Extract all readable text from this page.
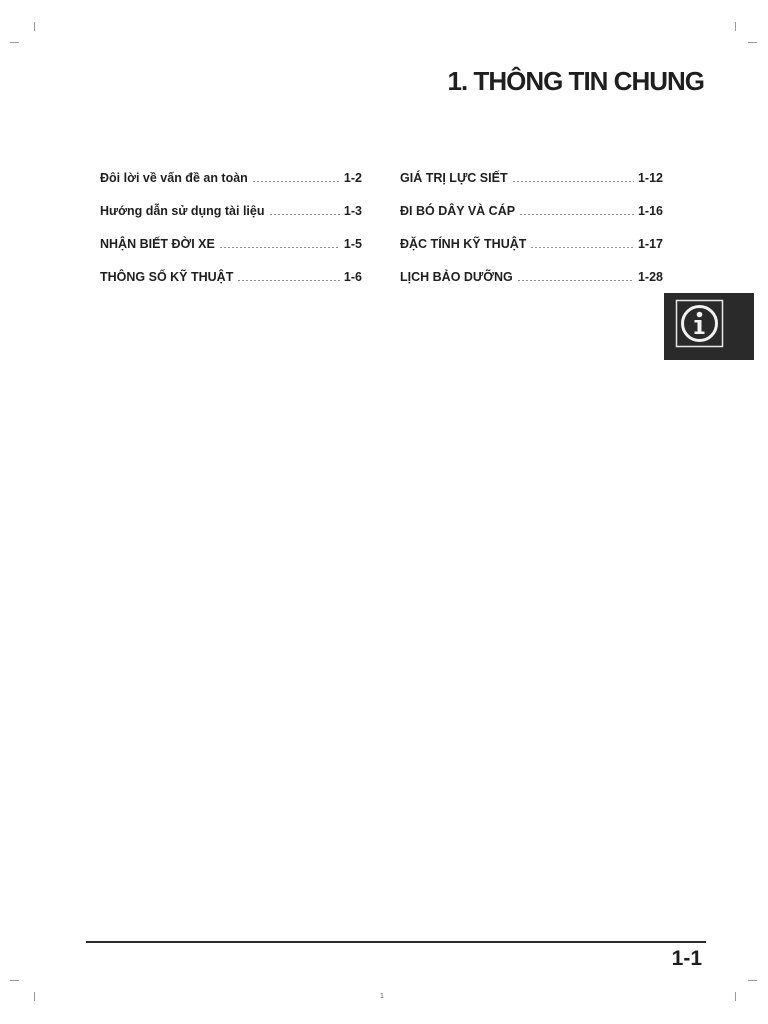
1. THÔNG TIN CHUNG
Đôi lời về vấn đề an toàn	1-2
Hướng dẫn sử dụng tài liệu	1-3
NHẬN BIẾT ĐỜI XE	1-5
THÔNG SỐ KỸ THUẬT	1-6
GIÁ TRỊ LỰC SIẾT	1-12
ĐI BÓ DÂY VÀ CÁP	1-16
ĐẶC TÍNH KỸ THUẬT	1-17
LỊCH BẢO DƯỠNG	1-28
1-1
1
